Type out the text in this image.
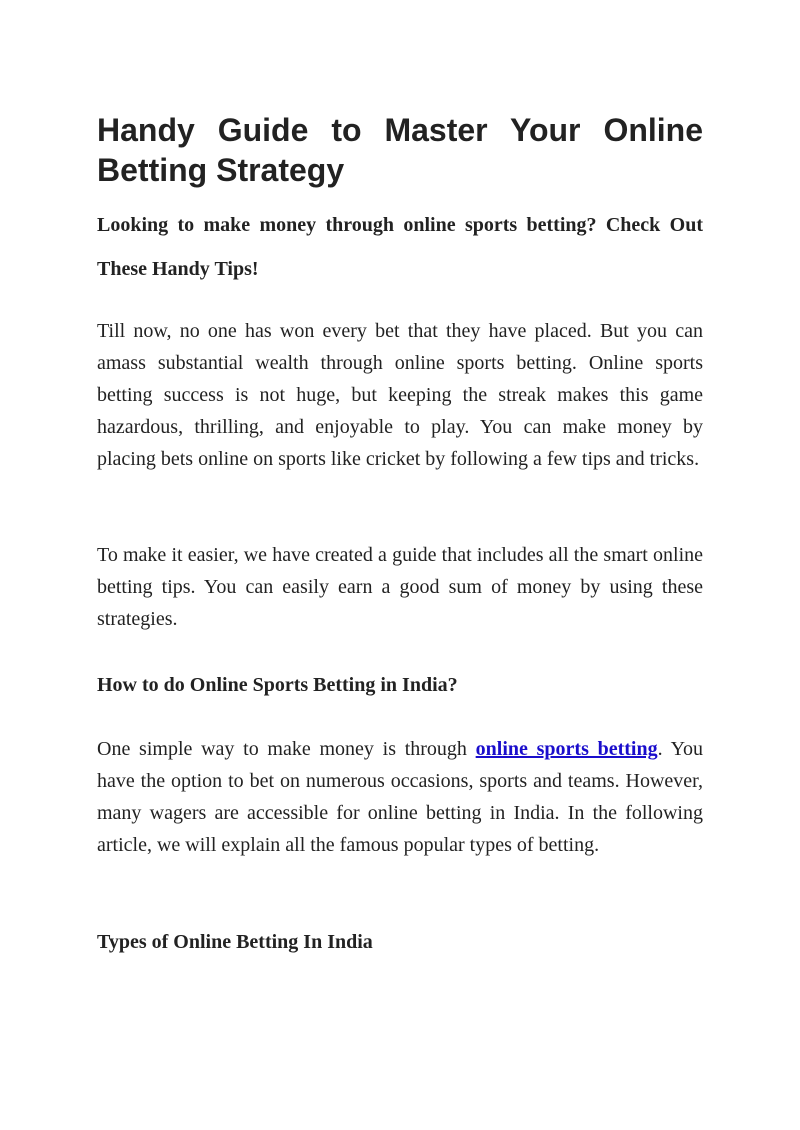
Handy Guide to Master Your Online Betting Strategy
Looking to make money through online sports betting? Check Out These Handy Tips!

Till now, no one has won every bet that they have placed. But you can amass substantial wealth through online sports betting. Online sports betting success is not huge, but keeping the streak makes this game hazardous, thrilling, and enjoyable to play. You can make money by placing bets online on sports like cricket by following a few tips and tricks.

To make it easier, we have created a guide that includes all the smart online betting tips. You can easily earn a good sum of money by using these strategies.

How to do Online Sports Betting in India?

One simple way to make money is through online sports betting. You have the option to bet on numerous occasions, sports and teams. However, many wagers are accessible for online betting in India. In the following article, we will explain all the famous popular types of betting.

Types of Online Betting In India
